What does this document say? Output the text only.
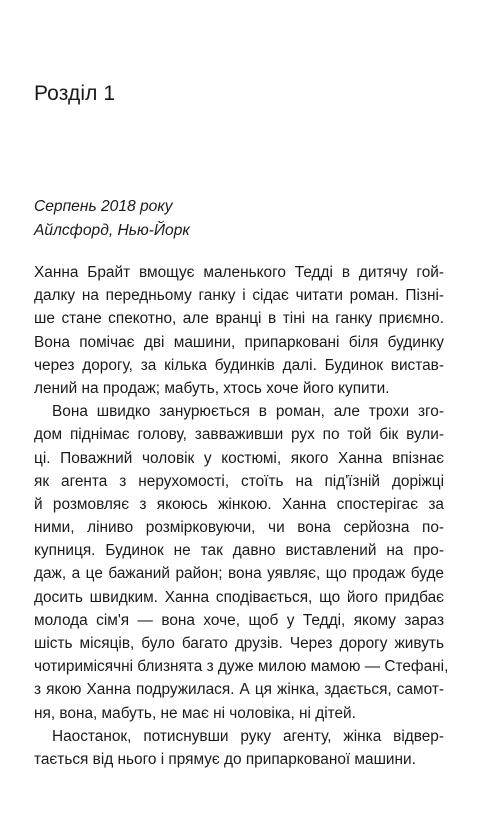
Розділ 1
Серпень 2018 року
Айлсфорд, Нью-Йорк
Ханна Брайт вмощує маленького Тедді в дитячу гой-
далку на передньому ганку і сідає читати роман. Пізні-
ше стане спекотно, але вранці в тіні на ганку приємно.
Вона помічає дві машини, припарковані біля будинку
через дорогу, за кілька будинків далі. Будинок вистав-
лений на продаж; мабуть, хтось хоче його купити.
Вона швидко занурюється в роман, але трохи зго-
дом піднімає голову, завваживши рух по той бік вули-
ці. Поважний чоловік у костюмі, якого Ханна впізнає
як агента з нерухомості, стоїть на під'їзній доріжці
й розмовляє з якоюсь жінкою. Ханна спостерігає за
ними, ліниво розмірковуючи, чи вона серйозна по-
купниця. Будинок не так давно виставлений на про-
даж, а це бажаний район; вона уявляє, що продаж буде
досить швидким. Ханна сподівається, що його придбає
молода сім'я — вона хоче, щоб у Тедді, якому зараз
шість місяців, було багато друзів. Через дорогу живуть
чотиримісячні близнята з дуже милою мамою — Стефані,
з якою Ханна подружилася. А ця жінка, здається, самот-
ня, вона, мабуть, не має ні чоловіка, ні дітей.
Наостанок, потиснувши руку агенту, жінка відвер-
тається від нього і прямує до припаркованої машини.
